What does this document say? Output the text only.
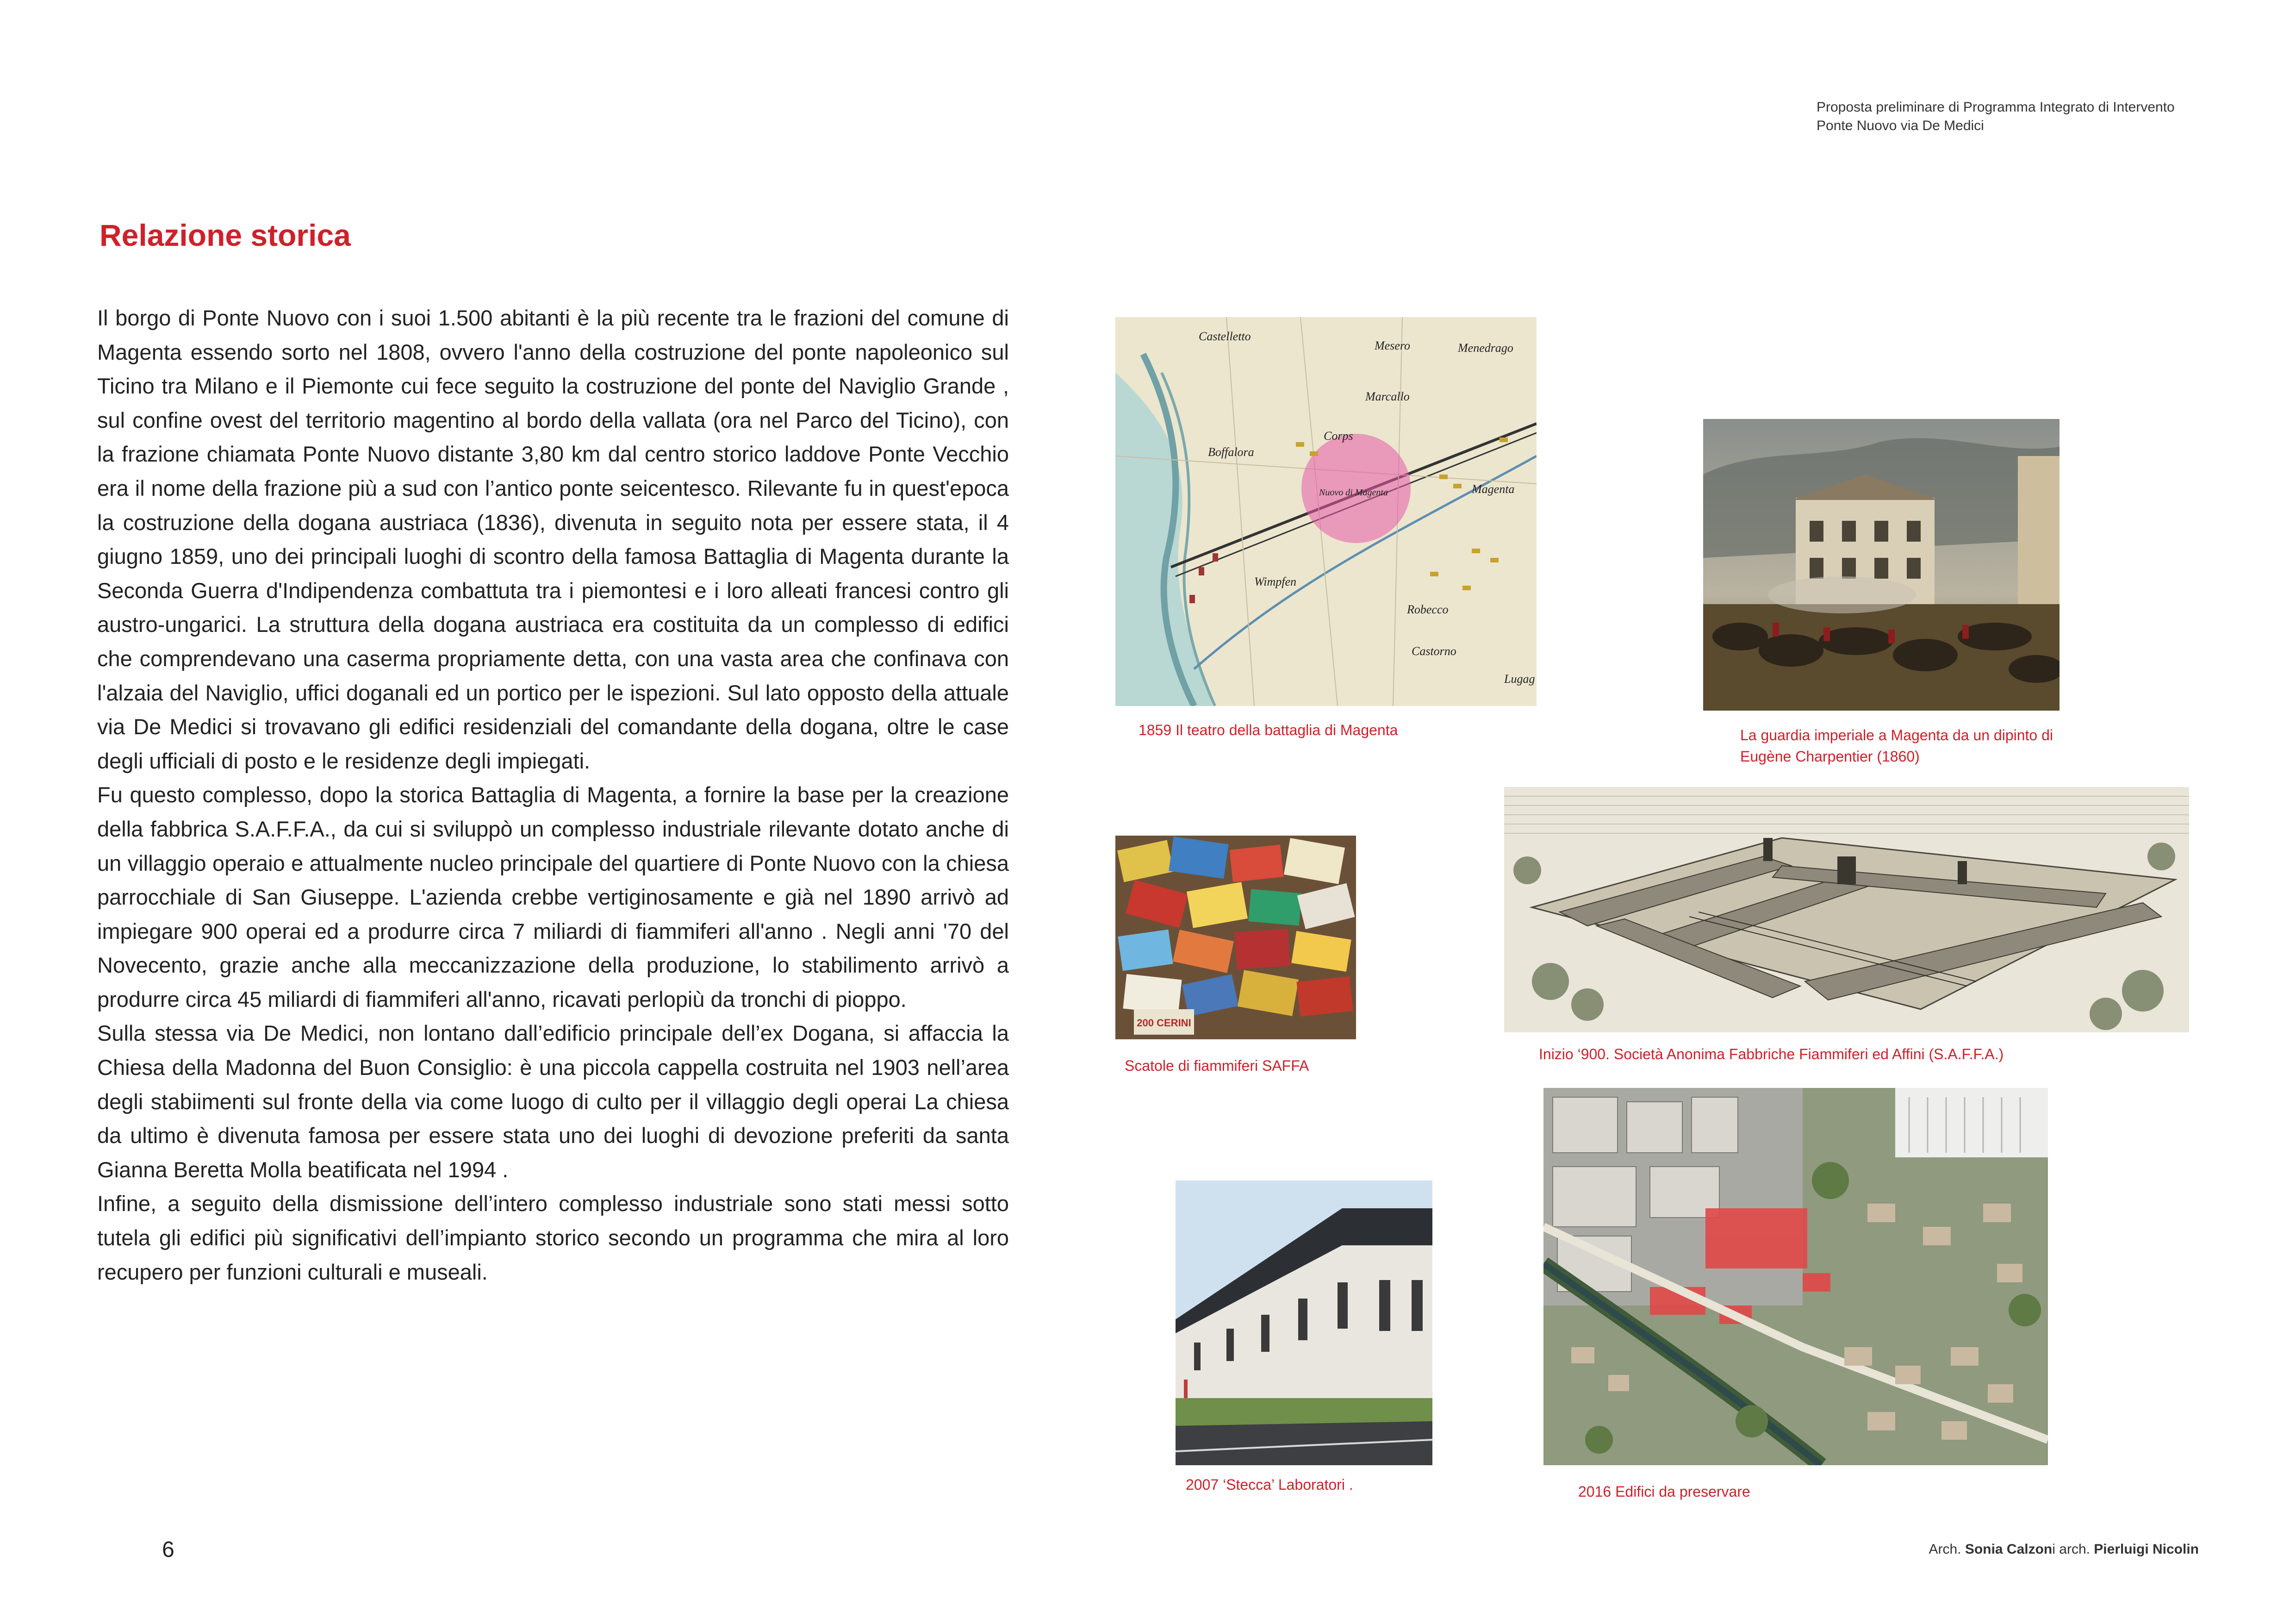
Proposta preliminare di Programma Integrato di Intervento
Ponte Nuovo via De Medici
Relazione storica

Il borgo di Ponte Nuovo con i suoi 1.500 abitanti è la più recente tra le frazioni del comune di Magenta essendo sorto nel 1808, ovvero l'anno della costruzione del ponte napoleonico sul Ticino tra Milano e il Piemonte cui fece seguito la costruzione del ponte del Naviglio Grande , sul confine ovest del territorio magentino al bordo della vallata (ora nel Parco del Ticino), con la frazione chiamata Ponte Nuovo distante 3,80 km dal centro storico laddove Ponte Vecchio era il nome della frazione più a sud con l’antico ponte seicentesco. Rilevante fu in quest'epoca la costruzione della dogana austriaca (1836), divenuta in seguito nota per essere stata, il 4 giugno 1859, uno dei principali luoghi di scontro della famosa Battaglia di Magenta durante la Seconda Guerra d'Indipendenza combattuta tra i piemontesi e i loro alleati francesi contro gli austro-ungarici. La struttura della dogana austriaca era costituita da un complesso di edifici che comprendevano una caserma propriamente detta, con una vasta area che confinava con l'alzaia del Naviglio, uffici doganali ed un portico per le ispezioni. Sul lato opposto della attuale via De Medici si trovavano gli edifici residenziali del comandante della dogana, oltre le case degli ufficiali di posto e le residenze degli impiegati.

Fu questo complesso, dopo la storica Battaglia di Magenta, a fornire la base per la creazione della fabbrica S.A.F.F.A., da cui si sviluppò un complesso industriale rilevante dotato anche di un villaggio operaio e attualmente nucleo principale del quartiere di Ponte Nuovo con la chiesa parrocchiale di San Giuseppe. L'azienda crebbe vertiginosamente e già nel 1890 arrivò ad impiegare 900 operai ed a produrre circa 7 miliardi di fiammiferi all'anno . Negli anni '70 del Novecento, grazie anche alla meccanizzazione della produzione, lo stabilimento arrivò a produrre circa 45 miliardi di fiammiferi all'anno, ricavati perlopiù da tronchi di pioppo.

Sulla stessa via De Medici, non lontano dall’edificio principale dell’ex Dogana, si affaccia la Chiesa della Madonna del Buon Consiglio: è una piccola cappella costruita nel 1903 nell’area degli stabiimenti sul fronte della via come luogo di culto per il villaggio degli operai La chiesa da ultimo è divenuta famosa per essere stata uno dei luoghi di devozione preferiti da santa Gianna Beretta Molla beatificata nel 1994 .

Infine, a seguito della dismissione dell’intero complesso industriale sono stati messi sotto tutela gli edifici più significativi dell’impianto storico secondo un programma che mira al loro recupero per funzioni culturali e museali.

Castelletto
Mesero	Menedrago
Marcallo
Corps
Boffalora
Nuovo di Magenta	Magenta
Wimpfen
Robecco
Castorno
Lugag
1859 Il teatro della battaglia di Magenta	La guardia imperiale a Magenta da un dipinto di Eugène Charpentier (1860)
200 CERINI
Scatole di fiammiferi SAFFA
Inizio ‘900. Società Anonima Fabbriche Fiammiferi ed Affini (S.A.F.F.A.)
2007 ‘Stecca’ Laboratori .	2016 Edifici da preservare
6	Arch. Sonia Calzoni arch. Pierluigi Nicolin
